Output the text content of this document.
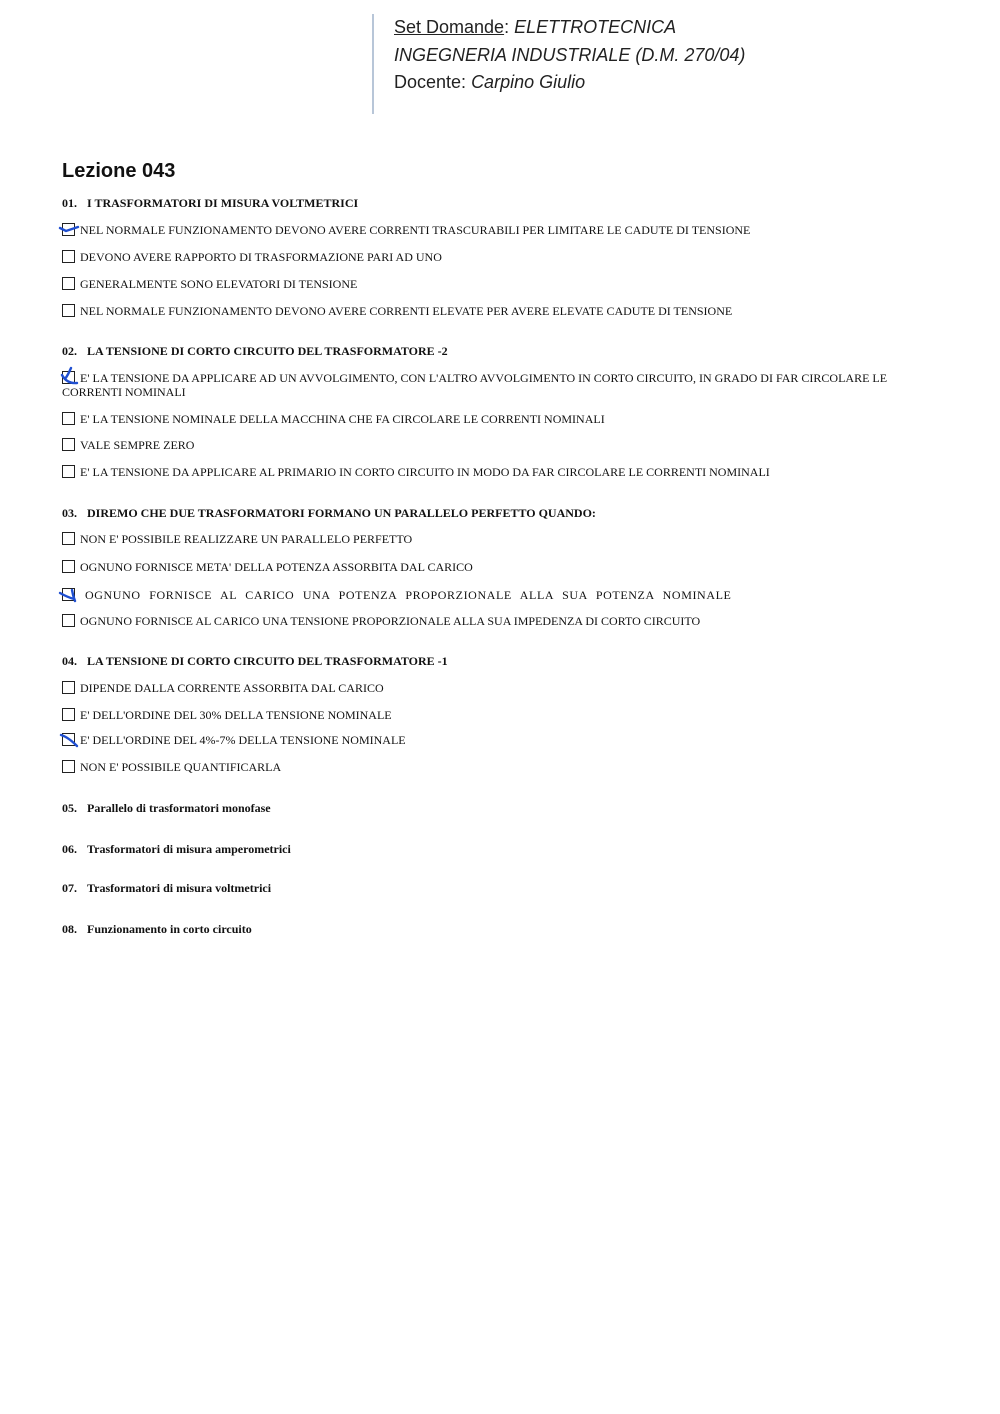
Set Domande: ELETTROTECNICA
INGEGNERIA INDUSTRIALE (D.M. 270/04)
Docente: Carpino Giulio
Lezione 043
01. I TRASFORMATORI DI MISURA VOLTMETRICI
NEL NORMALE FUNZIONAMENTO DEVONO AVERE CORRENTI TRASCURABILI PER LIMITARE LE CADUTE DI TENSIONE
DEVONO AVERE RAPPORTO DI TRASFORMAZIONE PARI AD UNO
GENERALMENTE SONO ELEVATORI DI TENSIONE
NEL NORMALE FUNZIONAMENTO DEVONO AVERE CORRENTI ELEVATE PER AVERE ELEVATE CADUTE DI TENSIONE
02. LA TENSIONE DI CORTO CIRCUITO DEL TRASFORMATORE -2
E' LA TENSIONE DA APPLICARE AD UN AVVOLGIMENTO, CON L'ALTRO AVVOLGIMENTO IN CORTO CIRCUITO, IN GRADO DI FAR CIRCOLARE LE CORRENTI NOMINALI
E' LA TENSIONE NOMINALE DELLA MACCHINA CHE FA CIRCOLARE LE CORRENTI NOMINALI
VALE SEMPRE ZERO
E' LA TENSIONE DA APPLICARE AL PRIMARIO IN CORTO CIRCUITO IN MODO DA FAR CIRCOLARE LE CORRENTI NOMINALI
03. DIREMO CHE DUE TRASFORMATORI FORMANO UN PARALLELO PERFETTO QUANDO:
NON E' POSSIBILE REALIZZARE UN PARALLELO PERFETTO
OGNUNO FORNISCE META' DELLA POTENZA ASSORBITA DAL CARICO
OGNUNO FORNISCE AL CARICO UNA POTENZA PROPORZIONALE ALLA SUA POTENZA NOMINALE
OGNUNO FORNISCE AL CARICO UNA TENSIONE PROPORZIONALE ALLA SUA IMPEDENZA DI CORTO CIRCUITO
04. LA TENSIONE DI CORTO CIRCUITO DEL TRASFORMATORE -1
DIPENDE DALLA CORRENTE ASSORBITA DAL CARICO
E' DELL'ORDINE DEL 30% DELLA TENSIONE NOMINALE
E' DELL'ORDINE DEL 4%-7% DELLA TENSIONE NOMINALE
NON E' POSSIBILE QUANTIFICARLA
05. Parallelo di trasformatori monofase
06. Trasformatori di misura amperometrici
07. Trasformatori di misura voltmetrici
08. Funzionamento in corto circuito
